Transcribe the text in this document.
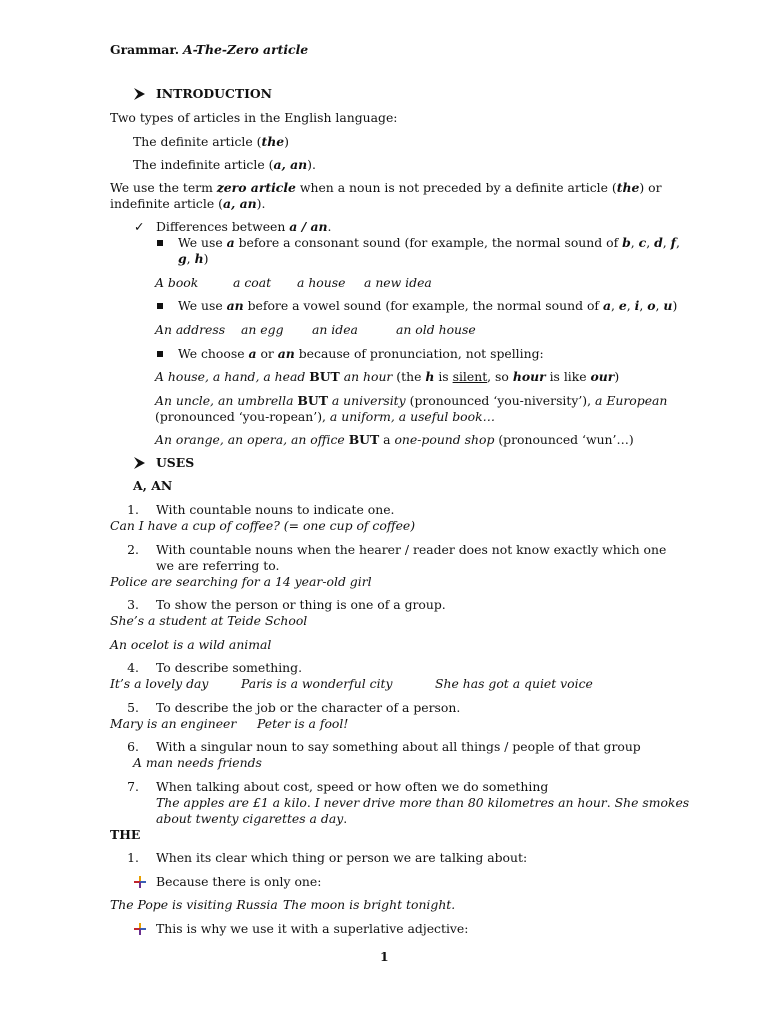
Grammar. A-The-Zero article
INTRODUCTION
Two types of articles in the English language:
The definite article (the)
The indefinite article (a, an).
We use the term zero article when a noun is not preceded by a definite article (the) or
indefinite article (a, an).
✓ Differences between a / an.
We use a before a consonant sound (for example, the normal sound of b, c, d, f,
g, h)
A book	a coat a house a new idea
We use an before a vowel sound (for example, the normal sound of a, e, i, o, u)
An address an egg an idea	an old house
We choose a or an because of pronunciation, not spelling:
A house, a hand, a head BUT an hour (the h is silent, so hour is like our)
An uncle, an umbrella BUT a university (pronounced ‘you-niversity’), a European
(pronounced ‘you-ropean’), a uniform, a useful book…
An orange, an opera, an office BUT a one-pound shop (pronounced ‘wun’…)
USES
A, AN
1. With countable nouns to indicate one.
Can I have a cup of coffee? (= one cup of coffee)
2. With countable nouns when the hearer / reader does not know exactly which one
we are referring to.
Police are searching for a 14 year-old girl
3. To show the person or thing is one of a group.
She’s a student at Teide School
An ocelot is a wild animal
4. To describe something.
It’s a lovely day	Paris is a wonderful city	She has got a quiet voice
5. To describe the job or the character of a person.
Mary is an engineer Peter is a fool!
6. With a singular noun to say something about all things / people of that group
A man needs friends
7. When talking about cost, speed or how often we do something
The apples are £1 a kilo. I never drive more than 80 kilometres an hour. She smokes
about twenty cigarettes a day.
THE
1. When its clear which thing or person we are talking about:
Because there is only one:
The Pope is visiting Russia The moon is bright tonight.
This is why we use it with a superlative adjective:
1
